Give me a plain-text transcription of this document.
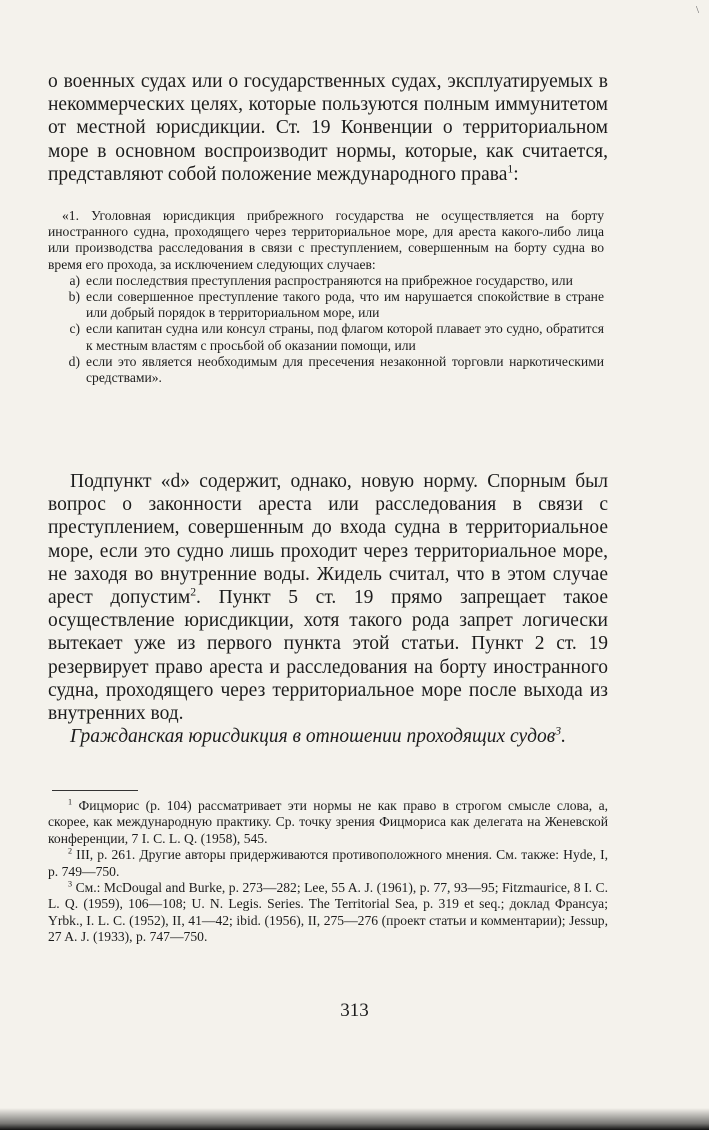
\

о военных судах или о государственных судах, эксплуатируемых в некоммерческих целях, которые пользуются полным иммунитетом от местной юрисдикции. Ст. 19 Конвенции о территориальном море в основном воспроизводит нормы, которые, как считается, представляют собой положение международного права$^1$:

«1. Уголовная юрисдикция прибрежного государства не осуществляется на борту иностранного судна, проходящего через территориальное море, для ареста какого-либо лица или производства расследования в связи с преступлением, совершенным на борту судна во время его прохода, за исключением следующих случаев:

a) если последствия преступления распространяются на прибрежное государство, или
b) если совершенное преступление такого рода, что им нарушается спокойствие в стране или добрый порядок в территориальном море, или
c) если капитан судна или консул страны, под флагом которой плавает это судно, обратится к местным властям с просьбой об оказании помощи, или
d) если это является необходимым для пресечения незаконной торговли наркотическими средствами».

Подпункт «d» содержит, однако, новую норму. Спорным был вопрос о законности ареста или расследования в связи с преступлением, совершенным до входа судна в территориальное море, если это судно лишь проходит через территориальное море, не заходя во внутренние воды. Жидель считал, что в этом случае арест допустим$^2$. Пункт 5 ст. 19 прямо запрещает такое осуществление юрисдикции, хотя такого рода запрет логически вытекает уже из первого пункта этой статьи. Пункт 2 ст. 19 резервирует право ареста и расследования на борту иностранного судна, проходящего через территориальное море после выхода из внутренних вод.

Гражданская юрисдикция в отношении проходящих судов$^3$.

$^1$ Фицморис (р. 104) рассматривает эти нормы не как право в строгом смысле слова, а, скорее, как международную практику. Ср. точку зрения Фицмориса как делегата на Женевской конференции, 7 I. C. L. Q. (1958), 545.

$^2$ III, р. 261. Другие авторы придерживаются противоположного мнения. См. также: Hyde, I, p. 749—750.

$^3$ См.: McDougal and Burke, p. 273—282; Lee, 55 A. J. (1961), p. 77, 93—95; Fitzmaurice, 8 I. C. L. Q. (1959), 106—108; U. N. Legis. Series. The Territorial Sea, p. 319 et seq.; доклад Франсуа; Yrbk., I. L. C. (1952), II, 41—42; ibid. (1956), II, 275—276 (проект статьи и комментарии); Jessup, 27 A. J. (1933), р. 747—750.

313
